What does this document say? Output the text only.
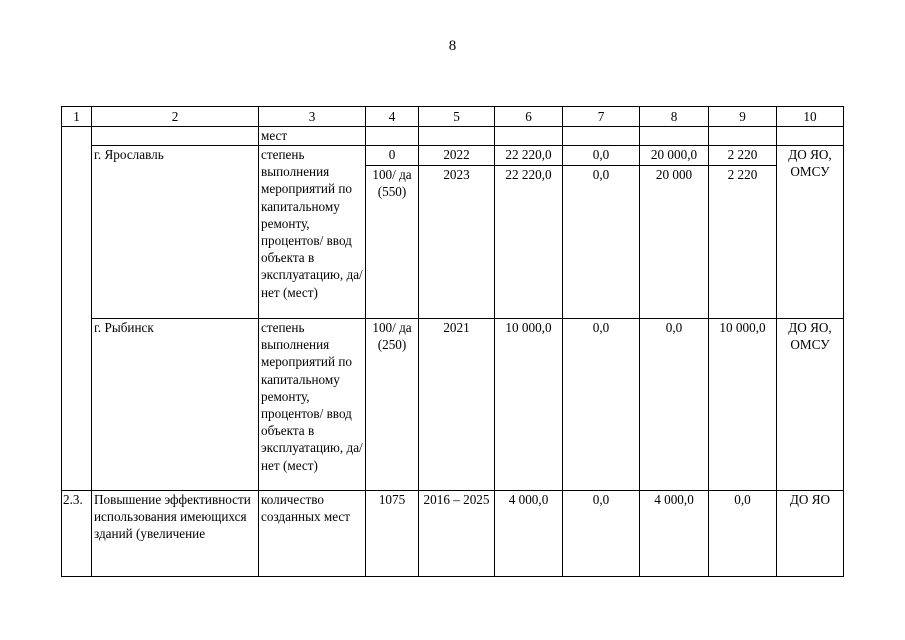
8
1	2	3	4	5	6	7	8	9	10
		мест							
	г. Ярославль	степень выполнения мероприятий по капитальному ремонту, процентов/ ввод объекта в эксплуатацию, да/нет (мест)	0	2022	22 220,0	0,0	20 000,0	2 220	ДО ЯО, ОМСУ
			100/ да (550)	2023	22 220,0	0,0	20 000	2 220	
	г. Рыбинск	степень выполнения мероприятий по капитальному ремонту, процентов/ ввод объекта в эксплуатацию, да/нет (мест)	100/ да (250)	2021	10 000,0	0,0	0,0	10 000,0	ДО ЯО, ОМСУ
2.3.	Повышение эффективности использования имеющихся зданий (увеличение	количество созданных мест	1075	2016 – 2025	4 000,0	0,0	4 000,0	0,0	ДО ЯО
